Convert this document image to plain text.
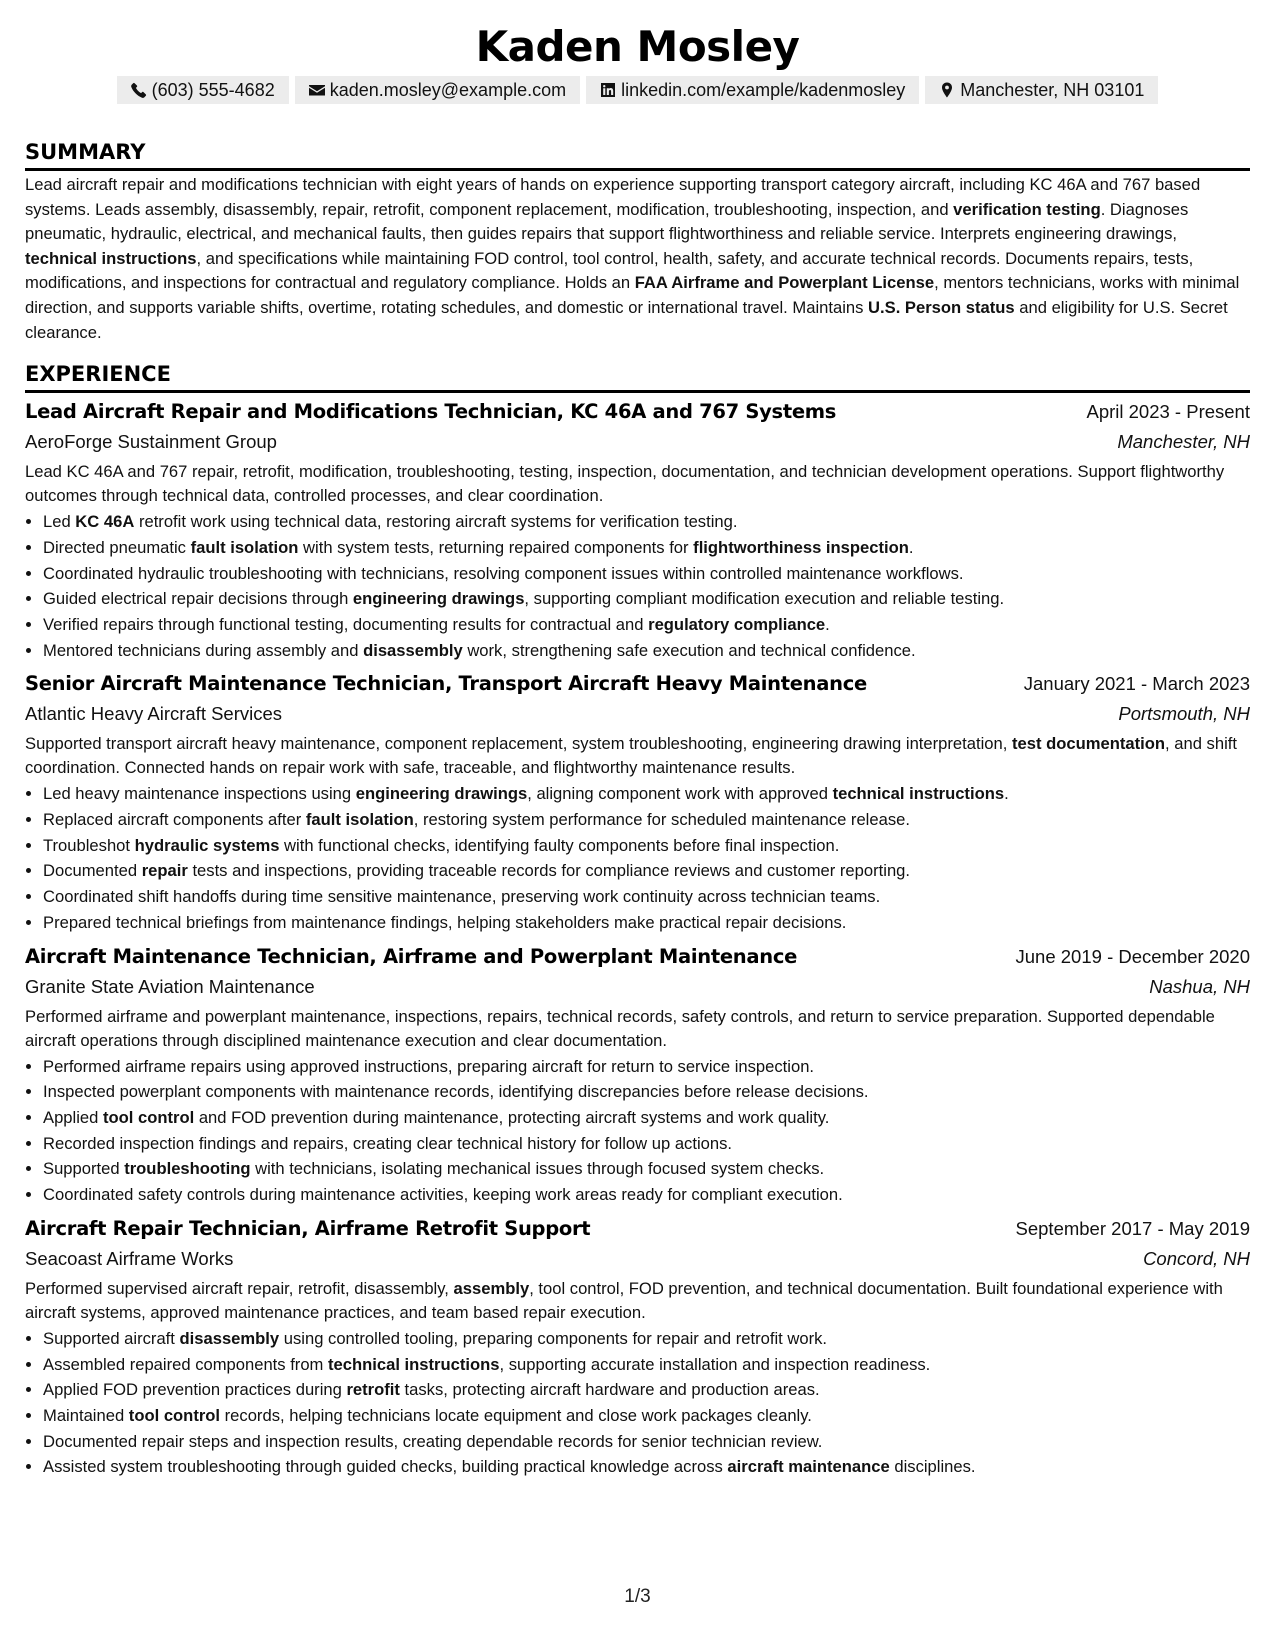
Kaden Mosley
(603) 555-4682	kaden.mosley@example.com	linkedin.com/example/kadenmosley	Manchester, NH 03101
SUMMARY

Lead aircraft repair and modifications technician with eight years of hands on experience supporting transport category aircraft, including KC 46A and 767 based systems. Leads assembly, disassembly, repair, retrofit, component replacement, modification, troubleshooting, inspection, and verification testing. Diagnoses pneumatic, hydraulic, electrical, and mechanical faults, then guides repairs that support flightworthiness and reliable service. Interprets engineering drawings, technical instructions, and specifications while maintaining FOD control, tool control, health, safety, and accurate technical records. Documents repairs, tests, modifications, and inspections for contractual and regulatory compliance. Holds an FAA Airframe and Powerplant License, mentors technicians, works with minimal direction, and supports variable shifts, overtime, rotating schedules, and domestic or international travel. Maintains U.S. Person status and eligibility for U.S. Secret clearance.

EXPERIENCE
Lead Aircraft Repair and Modifications Technician, KC 46A and 767 Systems	April 2023 - Present
AeroForge Sustainment Group	Manchester, NH

Lead KC 46A and 767 repair, retrofit, modification, troubleshooting, testing, inspection, documentation, and technician development operations. Support flightworthy outcomes through technical data, controlled processes, and clear coordination.

• Led KC 46A retrofit work using technical data, restoring aircraft systems for verification testing.
• Directed pneumatic fault isolation with system tests, returning repaired components for flightworthiness inspection.
• Coordinated hydraulic troubleshooting with technicians, resolving component issues within controlled maintenance workflows.
• Guided electrical repair decisions through engineering drawings, supporting compliant modification execution and reliable testing.
• Verified repairs through functional testing, documenting results for contractual and regulatory compliance.
• Mentored technicians during assembly and disassembly work, strengthening safe execution and technical confidence.
Senior Aircraft Maintenance Technician, Transport Aircraft Heavy Maintenance	January 2021 - March 2023
Atlantic Heavy Aircraft Services	Portsmouth, NH

Supported transport aircraft heavy maintenance, component replacement, system troubleshooting, engineering drawing interpretation, test documentation, and shift coordination. Connected hands on repair work with safe, traceable, and flightworthy maintenance results.

• Led heavy maintenance inspections using engineering drawings, aligning component work with approved technical instructions.
• Replaced aircraft components after fault isolation, restoring system performance for scheduled maintenance release.
• Troubleshot hydraulic systems with functional checks, identifying faulty components before final inspection.
• Documented repair tests and inspections, providing traceable records for compliance reviews and customer reporting.
• Coordinated shift handoffs during time sensitive maintenance, preserving work continuity across technician teams.
• Prepared technical briefings from maintenance findings, helping stakeholders make practical repair decisions.
Aircraft Maintenance Technician, Airframe and Powerplant Maintenance	June 2019 - December 2020
Granite State Aviation Maintenance	Nashua, NH

Performed airframe and powerplant maintenance, inspections, repairs, technical records, safety controls, and return to service preparation. Supported dependable aircraft operations through disciplined maintenance execution and clear documentation.

• Performed airframe repairs using approved instructions, preparing aircraft for return to service inspection.
• Inspected powerplant components with maintenance records, identifying discrepancies before release decisions.
• Applied tool control and FOD prevention during maintenance, protecting aircraft systems and work quality.
• Recorded inspection findings and repairs, creating clear technical history for follow up actions.
• Supported troubleshooting with technicians, isolating mechanical issues through focused system checks.
• Coordinated safety controls during maintenance activities, keeping work areas ready for compliant execution.
Aircraft Repair Technician, Airframe Retrofit Support	September 2017 - May 2019
Seacoast Airframe Works	Concord, NH

Performed supervised aircraft repair, retrofit, disassembly, assembly, tool control, FOD prevention, and technical documentation. Built foundational experience with aircraft systems, approved maintenance practices, and team based repair execution.

• Supported aircraft disassembly using controlled tooling, preparing components for repair and retrofit work.
• Assembled repaired components from technical instructions, supporting accurate installation and inspection readiness.
• Applied FOD prevention practices during retrofit tasks, protecting aircraft hardware and production areas.
• Maintained tool control records, helping technicians locate equipment and close work packages cleanly.
• Documented repair steps and inspection results, creating dependable records for senior technician review.
• Assisted system troubleshooting through guided checks, building practical knowledge across aircraft maintenance disciplines.
1/3
